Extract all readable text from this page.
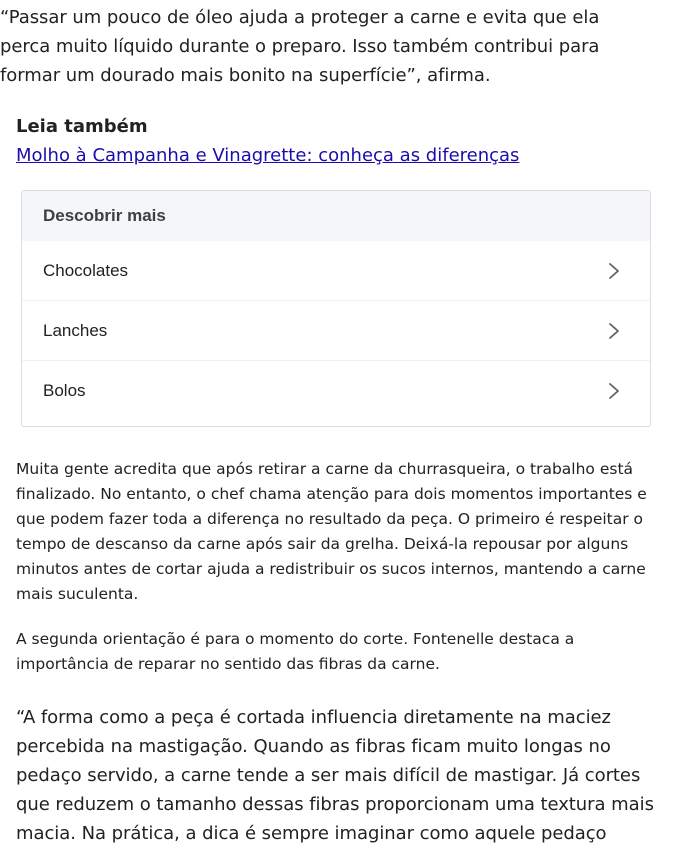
“Passar um pouco de óleo ajuda a proteger a carne e evita que ela perca muito líquido durante o preparo. Isso também contribui para formar um dourado mais bonito na superfície”, afirma.

Leia também
Molho à Campanha e Vinagrette: conheça as diferenças
Descobrir mais
Chocolates
Lanches
Bolos

Muita gente acredita que após retirar a carne da churrasqueira, o trabalho está finalizado. No entanto, o chef chama atenção para dois momentos importantes e que podem fazer toda a diferença no resultado da peça. O primeiro é respeitar o tempo de descanso da carne após sair da grelha. Deixá-la repousar por alguns minutos antes de cortar ajuda a redistribuir os sucos internos, mantendo a carne mais suculenta.

A segunda orientação é para o momento do corte. Fontenelle destaca a importância de reparar no sentido das fibras da carne.

“A forma como a peça é cortada influencia diretamente na maciez percebida na mastigação. Quando as fibras ficam muito longas no pedaço servido, a carne tende a ser mais difícil de mastigar. Já cortes que reduzem o tamanho dessas fibras proporcionam uma textura mais macia. Na prática, a dica é sempre imaginar como aquele pedaço
